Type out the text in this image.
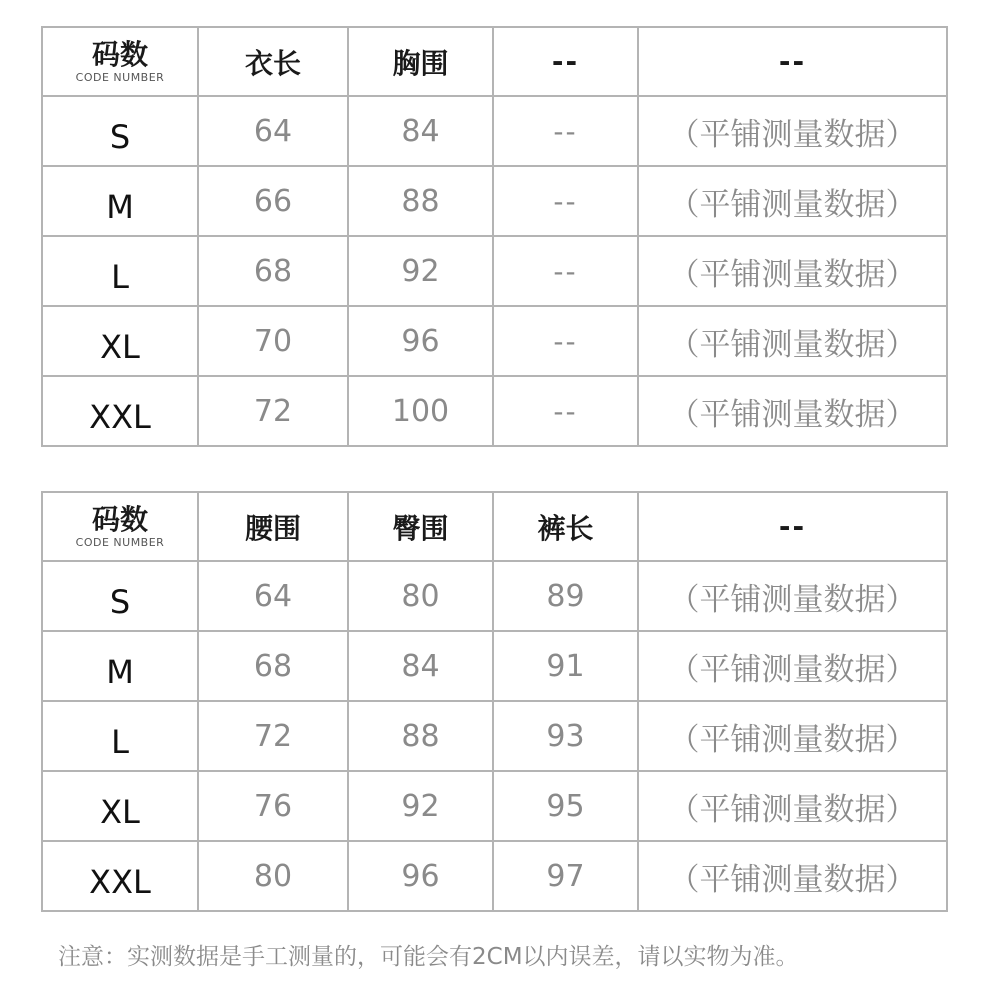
码数
CODE NUMBER	衣长	胸围	--	--
S	64	84	--	（平铺测量数据）
M	66	88	--	（平铺测量数据）
L	68	92	--	（平铺测量数据）
XL	70	96	--	（平铺测量数据）
XXL	72	100	--	（平铺测量数据）
码数
CODE NUMBER	腰围	臀围	裤长	--
S	64	80	89	（平铺测量数据）
M	68	84	91	（平铺测量数据）
L	72	88	93	（平铺测量数据）
XL	76	92	95	（平铺测量数据）
XXL	80	96	97	（平铺测量数据）
注意：实测数据是手工测量的，可能会有2CM以内误差，请以实物为准。
